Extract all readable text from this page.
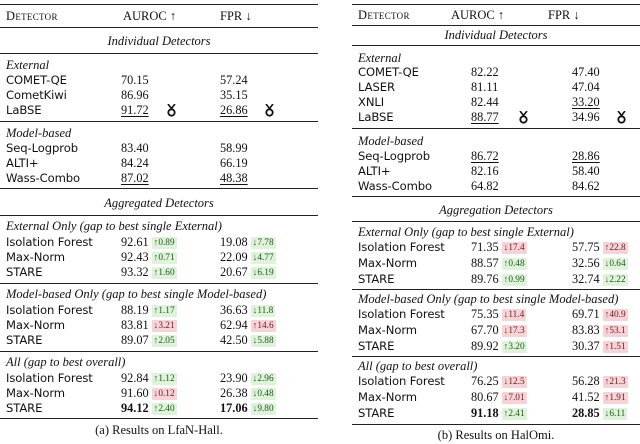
Detector	AUROC ↑	FPR ↓
Individual Detectors
External
COMET-QE	70.15	57.24
CometKiwi	86.96	35.15
LaBSE	91.72	26.86
Model-based
Seq-Logprob	83.40	58.99
ALTI+	84.24	66.19
Wass-Combo	87.02	48.38
Aggregated Detectors
External Only (gap to best single External)
Isolation Forest 92.61 ↑0.89	19.08 ↓7.78
Max-Norm	92.43 ↑0.71	22.09 ↓4.77
STARE	93.32 ↑1.60	20.67 ↓6.19
Model-based Only (gap to best single Model-based)
Isolation Forest 88.19 ↑1.17	36.63 ↓11.8
Max-Norm	83.81 ↓3.21	62.94 ↑14.6
STARE	89.07 ↑2.05	42.50 ↓5.88
All (gap to best overall)
Isolation Forest 92.84 ↑1.12	23.90 ↓2.96
Max-Norm	91.60 ↓0.12	26.38 ↓0.48
STARE	94.12 ↑2.40	17.06 ↓9.80
(a) Results on LfaN-Hall.
Detector	AUROC ↑	FPR ↓
Individual Detectors
External
COMET-QE	82.22	47.40
LASER	81.11	47.04
XNLI	82.44	33.20
LaBSE	88.77	34.96
Model-based
Seq-Logprob	86.72	28.86
ALTI+	82.16	58.40
Wass-Combo	64.82	84.62
Aggregation Detectors
External Only (gap to best single External)
Isolation Forest 71.35 ↓17.4	57.75 ↑22.8
Max-Norm	88.57 ↑0.48	32.56 ↓0.64
STARE	89.76 ↑0.99	32.74 ↓2.22
Model-based Only (gap to best single Model-based)
Isolation Forest 75.35 ↓11.4	69.71 ↑40.9
Max-Norm	67.70 ↓17.3	83.83 ↑53.1
STARE	89.92 ↑3.20	30.37 ↑1.51
All (gap to best overall)
Isolation Forest 76.25 ↓12.5	56.28 ↑21.3
Max-Norm	80.67 ↓7.01	41.52 ↑1.91
STARE	91.18 ↑2.41	28.85 ↓6.11
(b) Results on HalOmi.
